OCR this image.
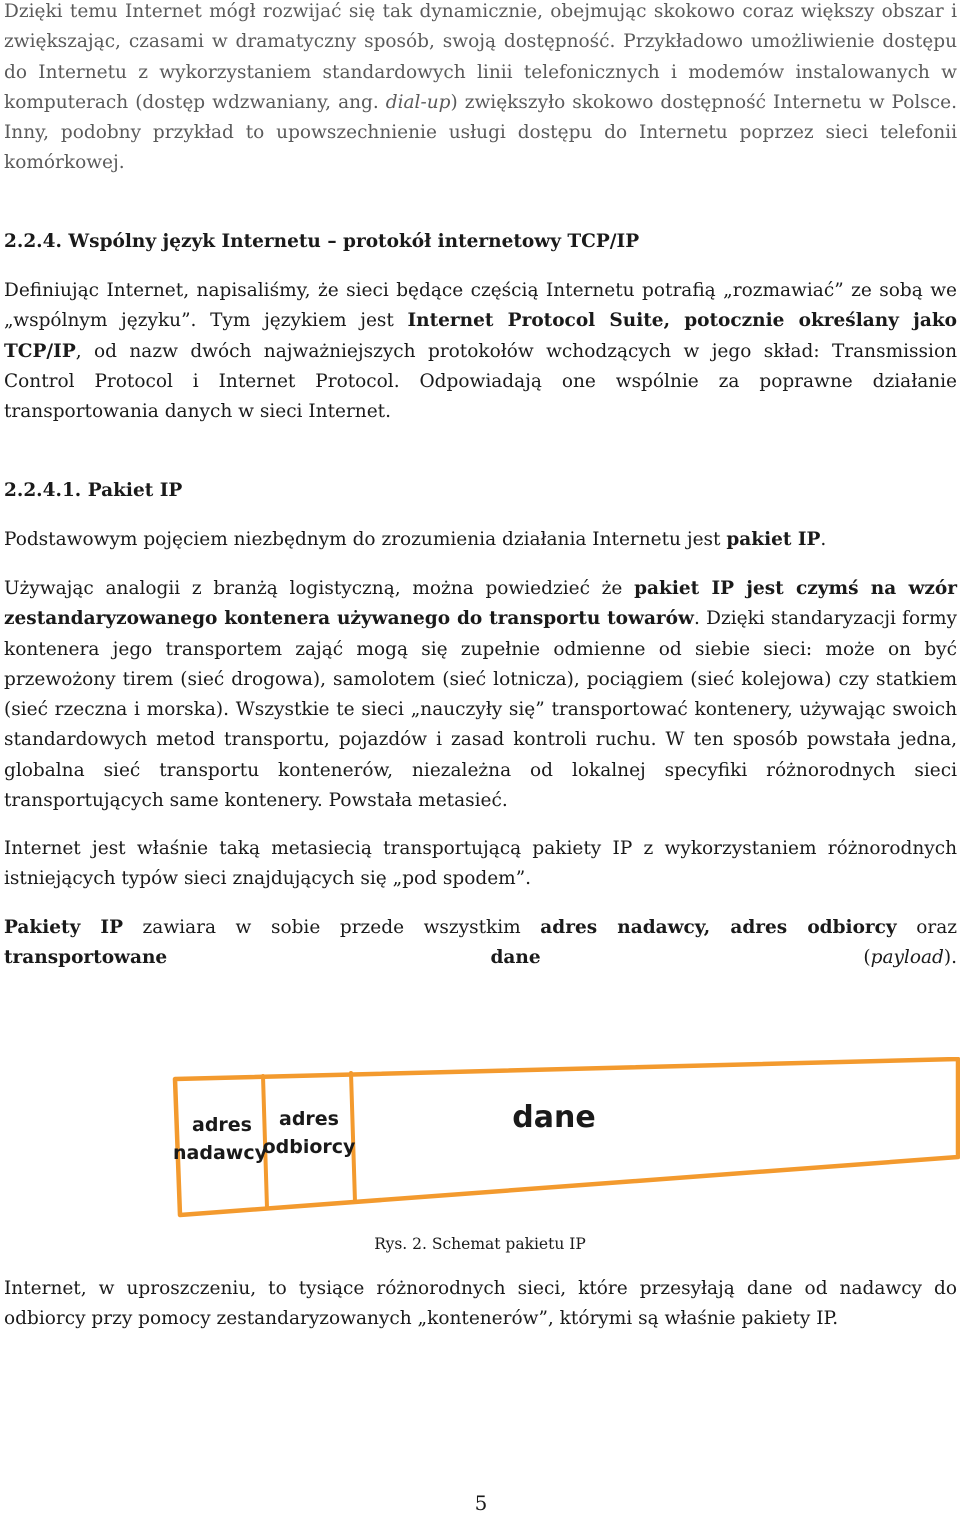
Dzięki temu Internet mógł rozwijać się tak dynamicznie, obejmując skokowo coraz większy obszar i zwiększając, czasami w dramatyczny sposób, swoją dostępność. Przykładowo umożliwienie dostępu do Internetu z wykorzystaniem standardowych linii telefonicznych i modemów instalowanych w komputerach (dostęp wdzwaniany, ang. dial-up) zwiększyło skokowo dostępność Internetu w Polsce. Inny, podobny przykład to upowszechnienie usługi dostępu do Internetu poprzez sieci telefonii komórkowej.

2.2.4. Wspólny język Internetu – protokół internetowy TCP/IP

Definiując Internet, napisaliśmy, że sieci będące częścią Internetu potrafią „rozmawiać” ze sobą we „wspólnym języku”. Tym językiem jest Internet Protocol Suite, potocznie określany jako TCP/IP, od nazw dwóch najważniejszych protokołów wchodzących w jego skład: Transmission Control Protocol i Internet Protocol. Odpowiadają one wspólnie za poprawne działanie transportowania danych w sieci Internet.

2.2.4.1. Pakiet IP

Podstawowym pojęciem niezbędnym do zrozumienia działania Internetu jest pakiet IP.

Używając analogii z branżą logistyczną, można powiedzieć że pakiet IP jest czymś na wzór zestandaryzowanego kontenera używanego do transportu towarów. Dzięki standaryzacji formy kontenera jego transportem zająć mogą się zupełnie odmienne od siebie sieci: może on być przewożony tirem (sieć drogowa), samolotem (sieć lotnicza), pociągiem (sieć kolejowa) czy statkiem (sieć rzeczna i morska). Wszystkie te sieci „nauczyły się” transportować kontenery, używając swoich standardowych metod transportu, pojazdów i zasad kontroli ruchu. W ten sposób powstała jedna, globalna sieć transportu kontenerów, niezależna od lokalnej specyfiki różnorodnych sieci transportujących same kontenery. Powstała metasieć.

Internet jest właśnie taką metasiecią transportującą pakiety IP z wykorzystaniem różnorodnych istniejących typów sieci znajdujących się „pod spodem”.

Pakiety IP zawiara w sobie przede wszystkim adres nadawcy, adres odbiorcy oraz transportowane dane (payload).

adres
nadawcy
adres
odbiorcy
dane

Rys. 2. Schemat pakietu IP

Internet, w uproszczeniu, to tysiące różnorodnych sieci, które przesyłają dane od nadawcy do odbiorcy przy pomocy zestandaryzowanych „kontenerów”, którymi są właśnie pakiety IP.

5
